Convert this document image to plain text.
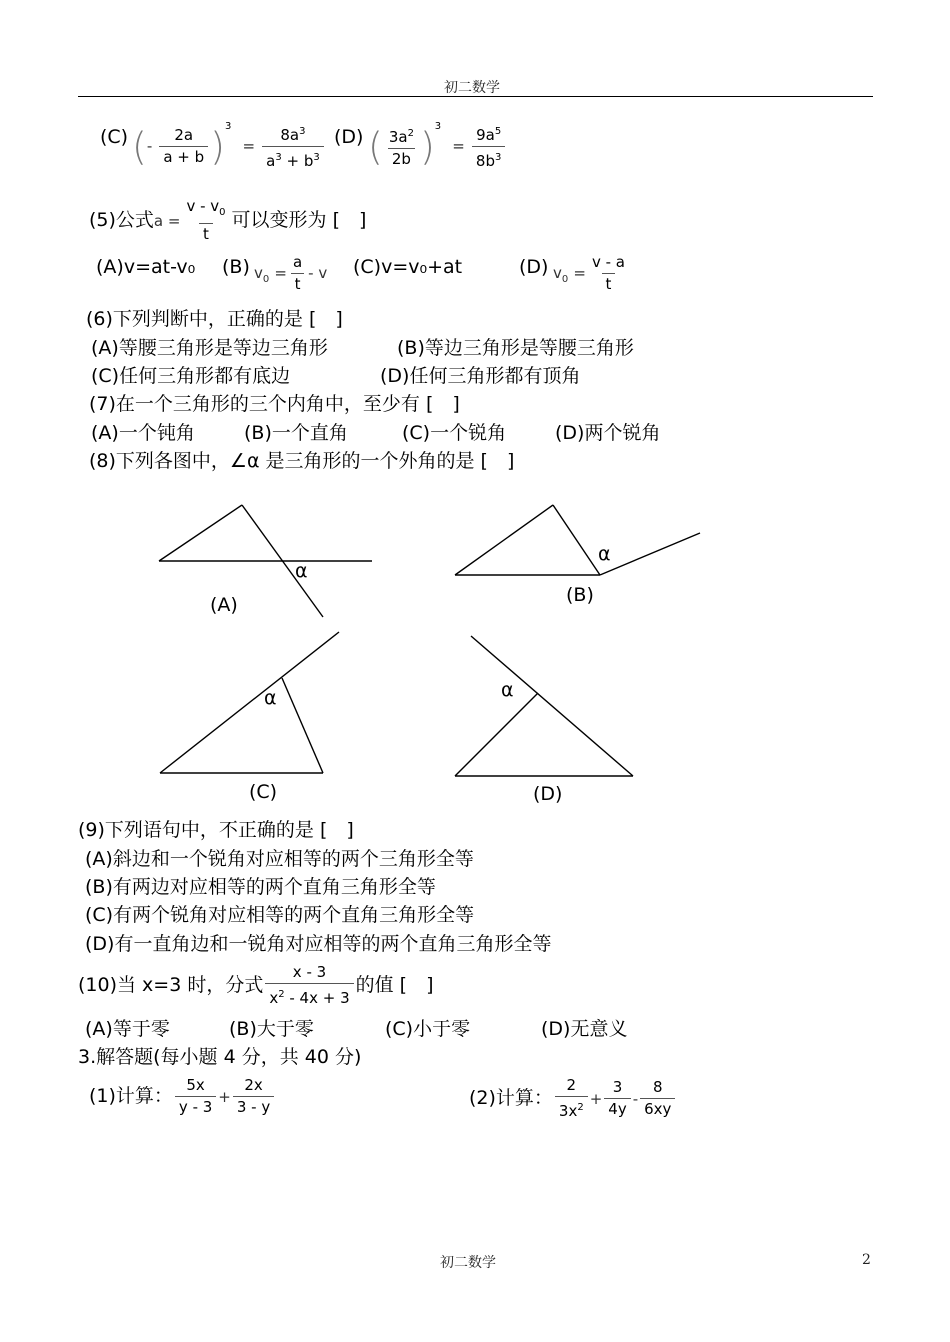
初二数学
(C) (- $\frac{2a}{a + b} )^3 = \frac{8a^3}{a^3 + b^3} (D)$ ( $\frac{3a^2}{2b} )^3 = \frac{9a^5}{8b^3}$
(5)公式$a = \frac{v - v_0}{t}$ 可以变形为 [　]
(A)v=at-v₀ (B) $v_0 = \frac{a}{t} - v$ (C)v=v₀+at	(D) $v_0 = \frac{v - a}{t}$
(6)下列判断中，正确的是 [　]
(A)等腰三角形是等边三角形	(B)等边三角形是等腰三角形
(C)任何三角形都有底边	(D)任何三角形都有顶角
(7)在一个三角形的三个内角中，至少有 [　]
(A)一个钝角	(B)一个直角	(C)一个锐角	(D)两个锐角
(8)下列各图中，∠α 是三角形的一个外角的是 [　]
α
(A)
α
(B)
α
(C)
α
(D)
(9)下列语句中，不正确的是 [　]
(A)斜边和一个锐角对应相等的两个三角形全等
(B)有两边对应相等的两个直角三角形全等
(C)有两个锐角对应相等的两个直角三角形全等
(D)有一直角边和一锐角对应相等的两个直角三角形全等
(10)当 x=3 时，分式 $\frac{x - 3}{x^2 - 4x + 3}$ 的值 [　]
(A)等于零	(B)大于零	(C)小于零	(D)无意义
3.解答题(每小题 4 分，共 40 分)
(1)计算： $\frac{5x}{y - 3} + \frac{2x}{3 - y}$	(2)计算： $\frac{2}{3x^2} + \frac{3}{4y} - \frac{8}{6xy}$
初二数学	2
